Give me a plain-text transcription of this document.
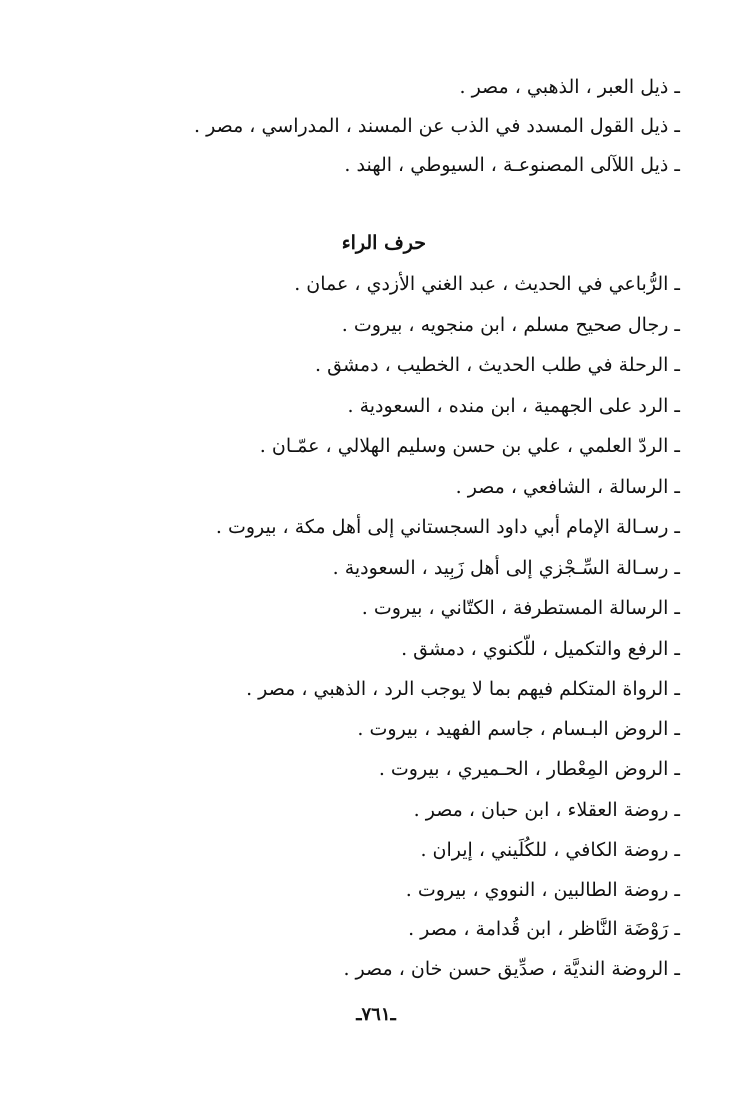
ـ ذيل العبر ، الذهبي ، مصر .
ـ ذيل القول المسدد في الذب عن المسند ، المدراسي ، مصر .
ـ ذيل اللآلى المصنوعـة ، السيوطي ، الهند .
حرف الراء
ـ الرُّباعي في الحديث ، عبد الغني الأزدي ، عمان .
ـ رجال صحيح مسلم ، ابن منجويه ، بيروت .
ـ الرحلة في طلب الحديث ، الخطيب ، دمشق .
ـ الرد على الجهمية ، ابن منده ، السعودية .
ـ الردّ العلمي ، علي بن حسن وسليم الهلالي ، عمّـان .
ـ الرسالة ، الشافعي ، مصر .
ـ رسـالة الإمام أبي داود السجستاني إلى أهل مكة ، بيروت .
ـ رسـالة السِّـجْزي إلى أهل زَبِيد ، السعودية .
ـ الرسالة المستطرفة ، الكتّاني ، بيروت .
ـ الرفع والتكميل ، للّكنوي ، دمشق .
ـ الرواة المتكلم فيهم بما لا يوجب الرد ، الذهبي ، مصر .
ـ الروض البـسام ، جاسم الفهيد ، بيروت .
ـ الروض المِعْطار ، الحـميري ، بيروت .
ـ روضة العقلاء ، ابن حبان ، مصر .
ـ روضة الكافي ، للكُلَيني ، إيران .
ـ روضة الطالبين ، النووي ، بيروت .
ـ رَوْضَة النَّاظر ، ابن قُدامة ، مصر .
ـ الروضة النديَّة ، صدِّيق حسن خان ، مصر .
ـ٧٦١ـ
